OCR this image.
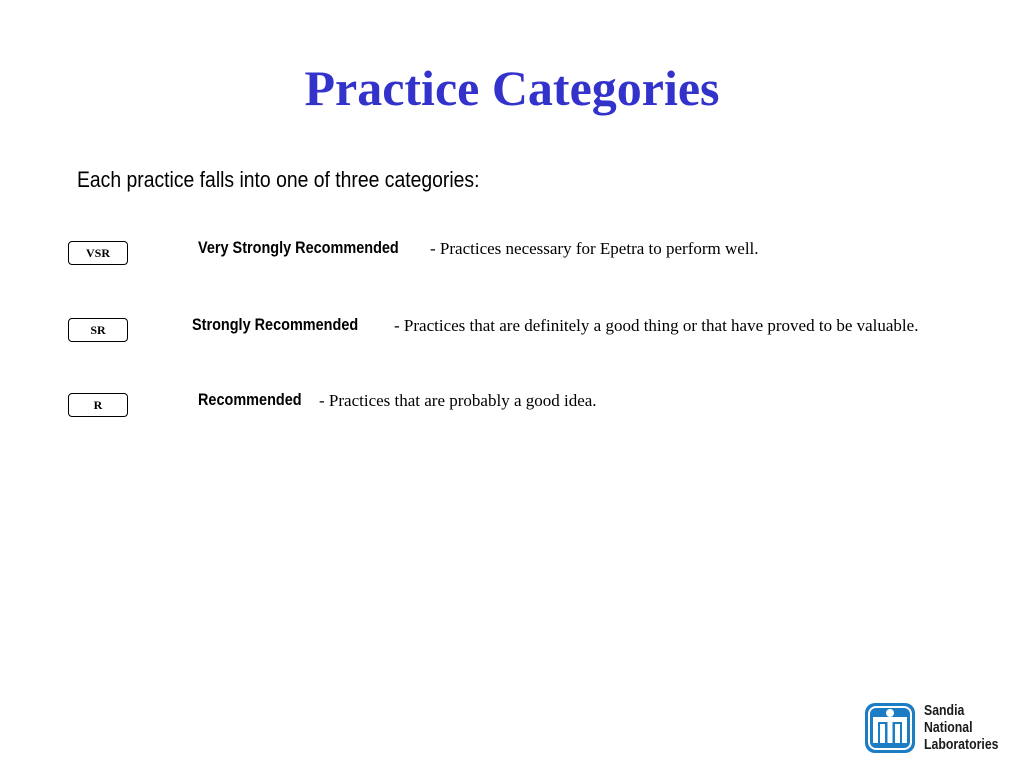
Practice Categories
Each practice falls into one of three categories:
VSR	Very Strongly Recommended - Practices necessary for Epetra to perform well.
SR	Strongly Recommended - Practices that are definitely a good thing or that have proved to be valuable.
R	Recommended - Practices that are probably a good idea.
Sandia
National
Laboratories
